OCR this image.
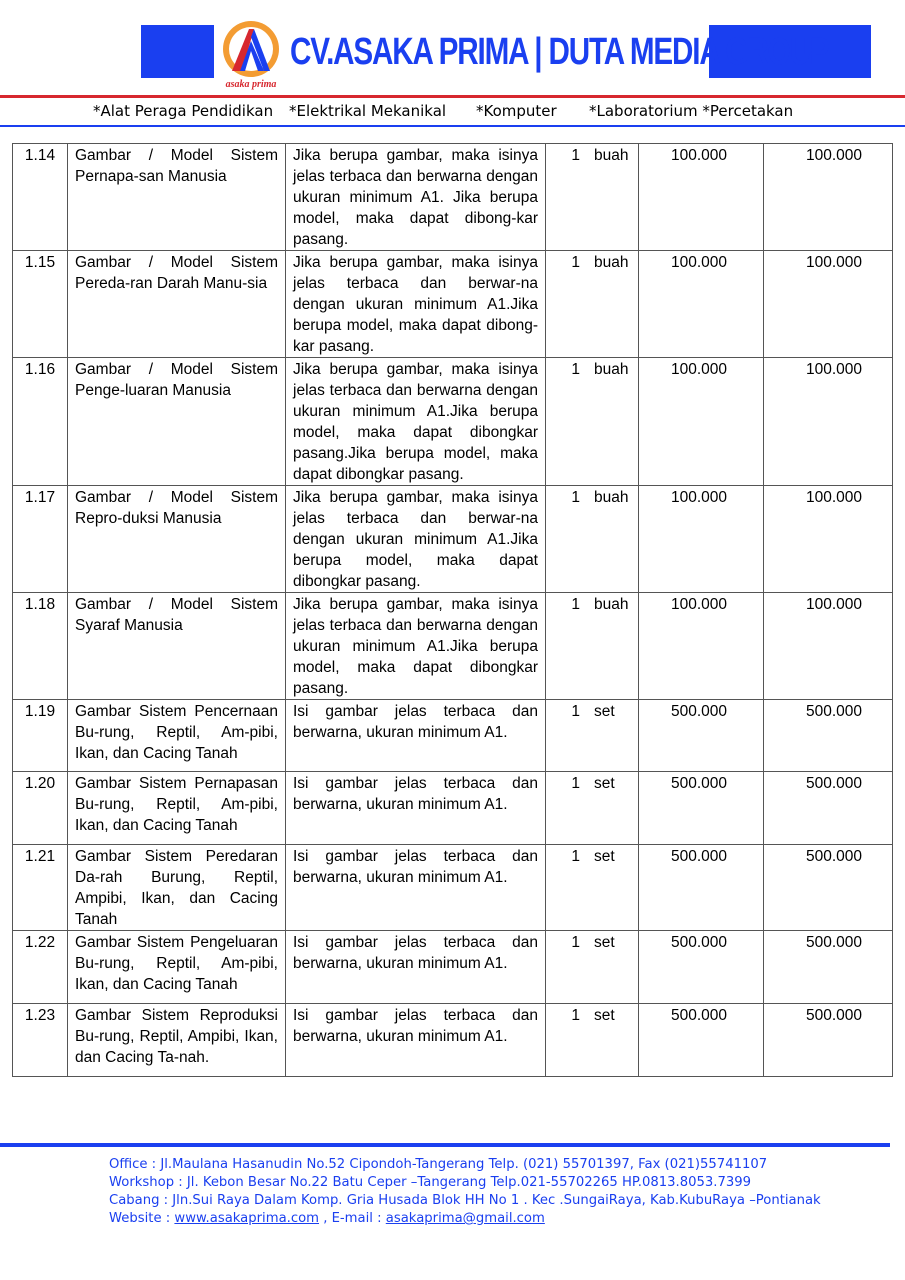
asaka prima
CV.ASAKA PRIMA | DUTA MEDIA GROUP
*Alat Peraga Pendidikan *Elektrikal Mekanikal *Komputer *Laboratorium *Percetakan
1.14	Gambar / Model Sistem Pernapa-san Manusia	Jika berupa gambar, maka isinya jelas terbaca dan berwarna dengan ukuran minimum A1. Jika berupa model, maka dapat dibong-kar pasang.	1 buah	100.000	100.000
1.15	Gambar / Model Sistem Pereda-ran Darah Manu-sia	Jika berupa gambar, maka isinya jelas terbaca dan berwar-na dengan ukuran minimum A1.Jika berupa model, maka dapat dibong-kar pasang.	1 buah	100.000	100.000
1.16	Gambar / Model Sistem Penge-luaran Manusia	Jika berupa gambar, maka isinya jelas terbaca dan berwarna dengan ukuran minimum A1.Jika berupa model, maka dapat dibongkar pasang.Jika berupa model, maka dapat dibongkar pasang.	1 buah	100.000	100.000
1.17	Gambar / Model Sistem Repro-duksi Manusia	Jika berupa gambar, maka isinya jelas terbaca dan berwar-na dengan ukuran minimum A1.Jika berupa model, maka dapat dibongkar pasang.	1 buah	100.000	100.000
1.18	Gambar / Model Sistem Syaraf Manusia	Jika berupa gambar, maka isinya jelas terbaca dan berwarna dengan ukuran minimum A1.Jika berupa model, maka dapat dibongkar pasang.	1 buah	100.000	100.000
1.19	Gambar Sistem Pencernaan Bu-rung, Reptil, Am-pibi, Ikan, dan Cacing Tanah	Isi gambar jelas terbaca dan berwarna, ukuran minimum A1.	1 set	500.000	500.000
1.20	Gambar Sistem Pernapasan Bu-rung, Reptil, Am-pibi, Ikan, dan Cacing Tanah	Isi gambar jelas terbaca dan berwarna, ukuran minimum A1.	1 set	500.000	500.000
1.21	Gambar Sistem Peredaran Da-rah Burung, Reptil, Ampibi, Ikan, dan Cacing Tanah	Isi gambar jelas terbaca dan berwarna, ukuran minimum A1.	1 set	500.000	500.000
1.22	Gambar Sistem Pengeluaran Bu-rung, Reptil, Am-pibi, Ikan, dan Cacing Tanah	Isi gambar jelas terbaca dan berwarna, ukuran minimum A1.	1 set	500.000	500.000
1.23	Gambar Sistem Reproduksi Bu-rung, Reptil, Ampibi, Ikan, dan Cacing Ta-nah.	Isi gambar jelas terbaca dan berwarna, ukuran minimum A1.	1 set	500.000	500.000
Office : Jl.Maulana Hasanudin No.52 Cipondoh-Tangerang Telp. (021) 55701397, Fax (021)55741107
Workshop : Jl. Kebon Besar No.22 Batu Ceper –Tangerang Telp.021-55702265 HP.0813.8053.7399
Cabang : Jln.Sui Raya Dalam Komp. Gria Husada Blok HH No 1 . Kec .SungaiRaya, Kab.KubuRaya –Pontianak
Website : www.asakaprima.com , E-mail : asakaprima@gmail.com
